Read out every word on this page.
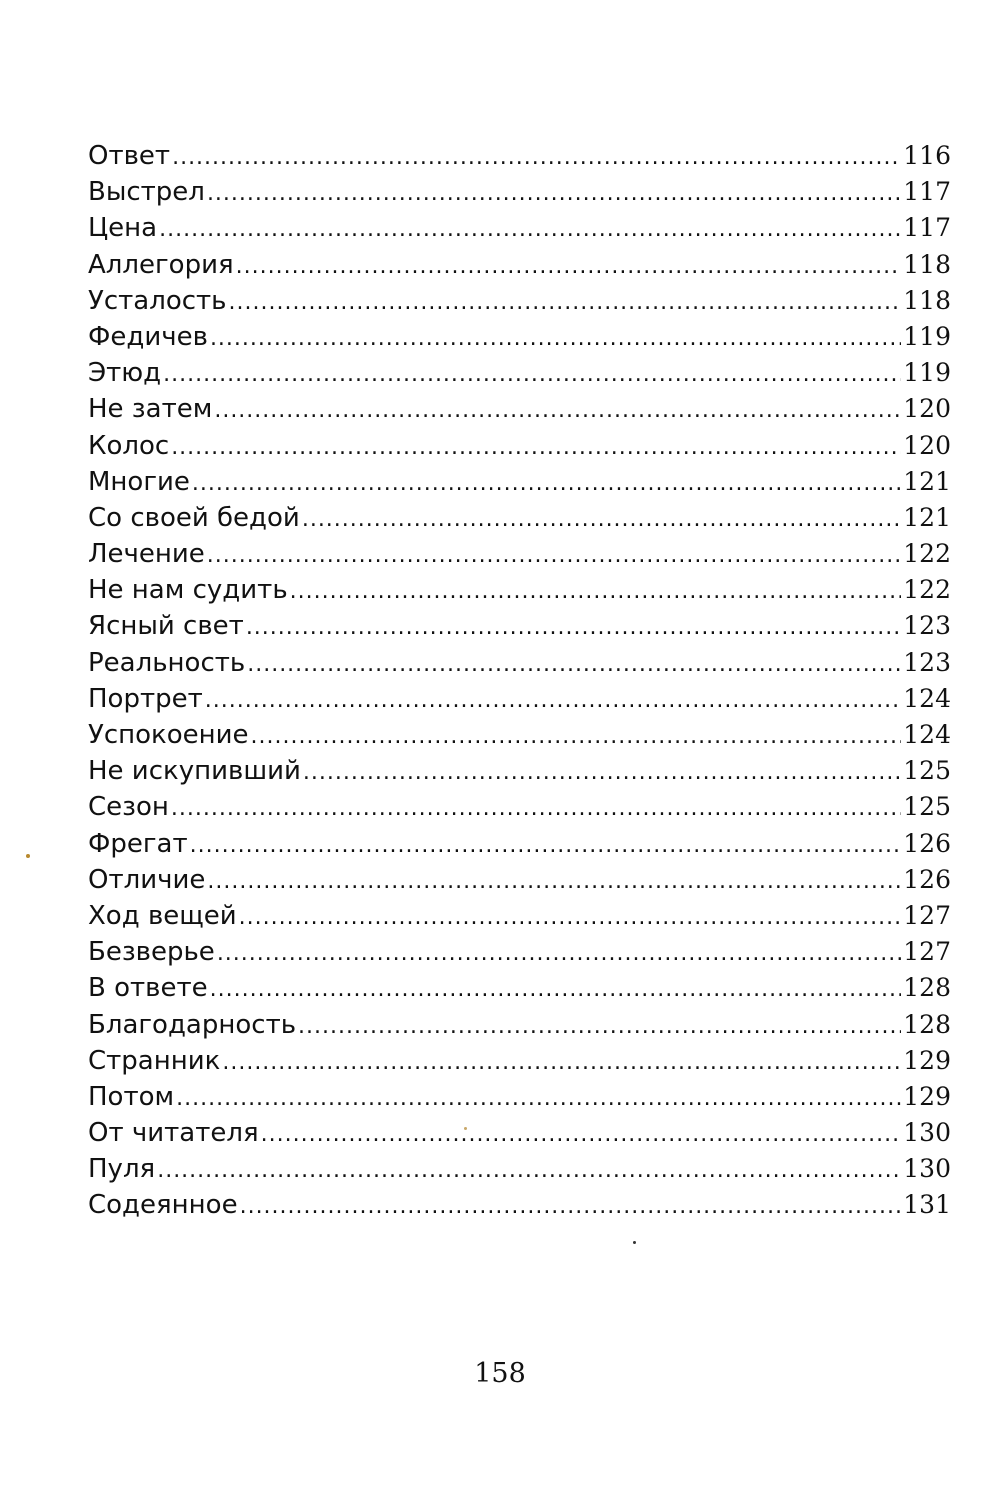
Ответ .....	116
Выстрел .....	117
Цена .....	117
Аллегория .....	118
Усталость .....	118
Федичев .....	119
Этюд .....	119
Не затем .....	120
Колос .....	120
Многие .....	121
Со своей бедой .....	121
Лечение .....	122
Не нам судить .....	122
Ясный свет .....	123
Реальность .....	123
Портрет .....	124
Успокоение .....	124
Не искупивший .....	125
Сезон .....	125
Фрегат .....	126
Отличие .....	126
Ход вещей .....	127
Безверье .....	127
В ответе .....	128
Благодарность .....	128
Странник .....	129
Потом .....	129
От читателя .....	130
Пуля .....	130
Содеянное .....	131
158
